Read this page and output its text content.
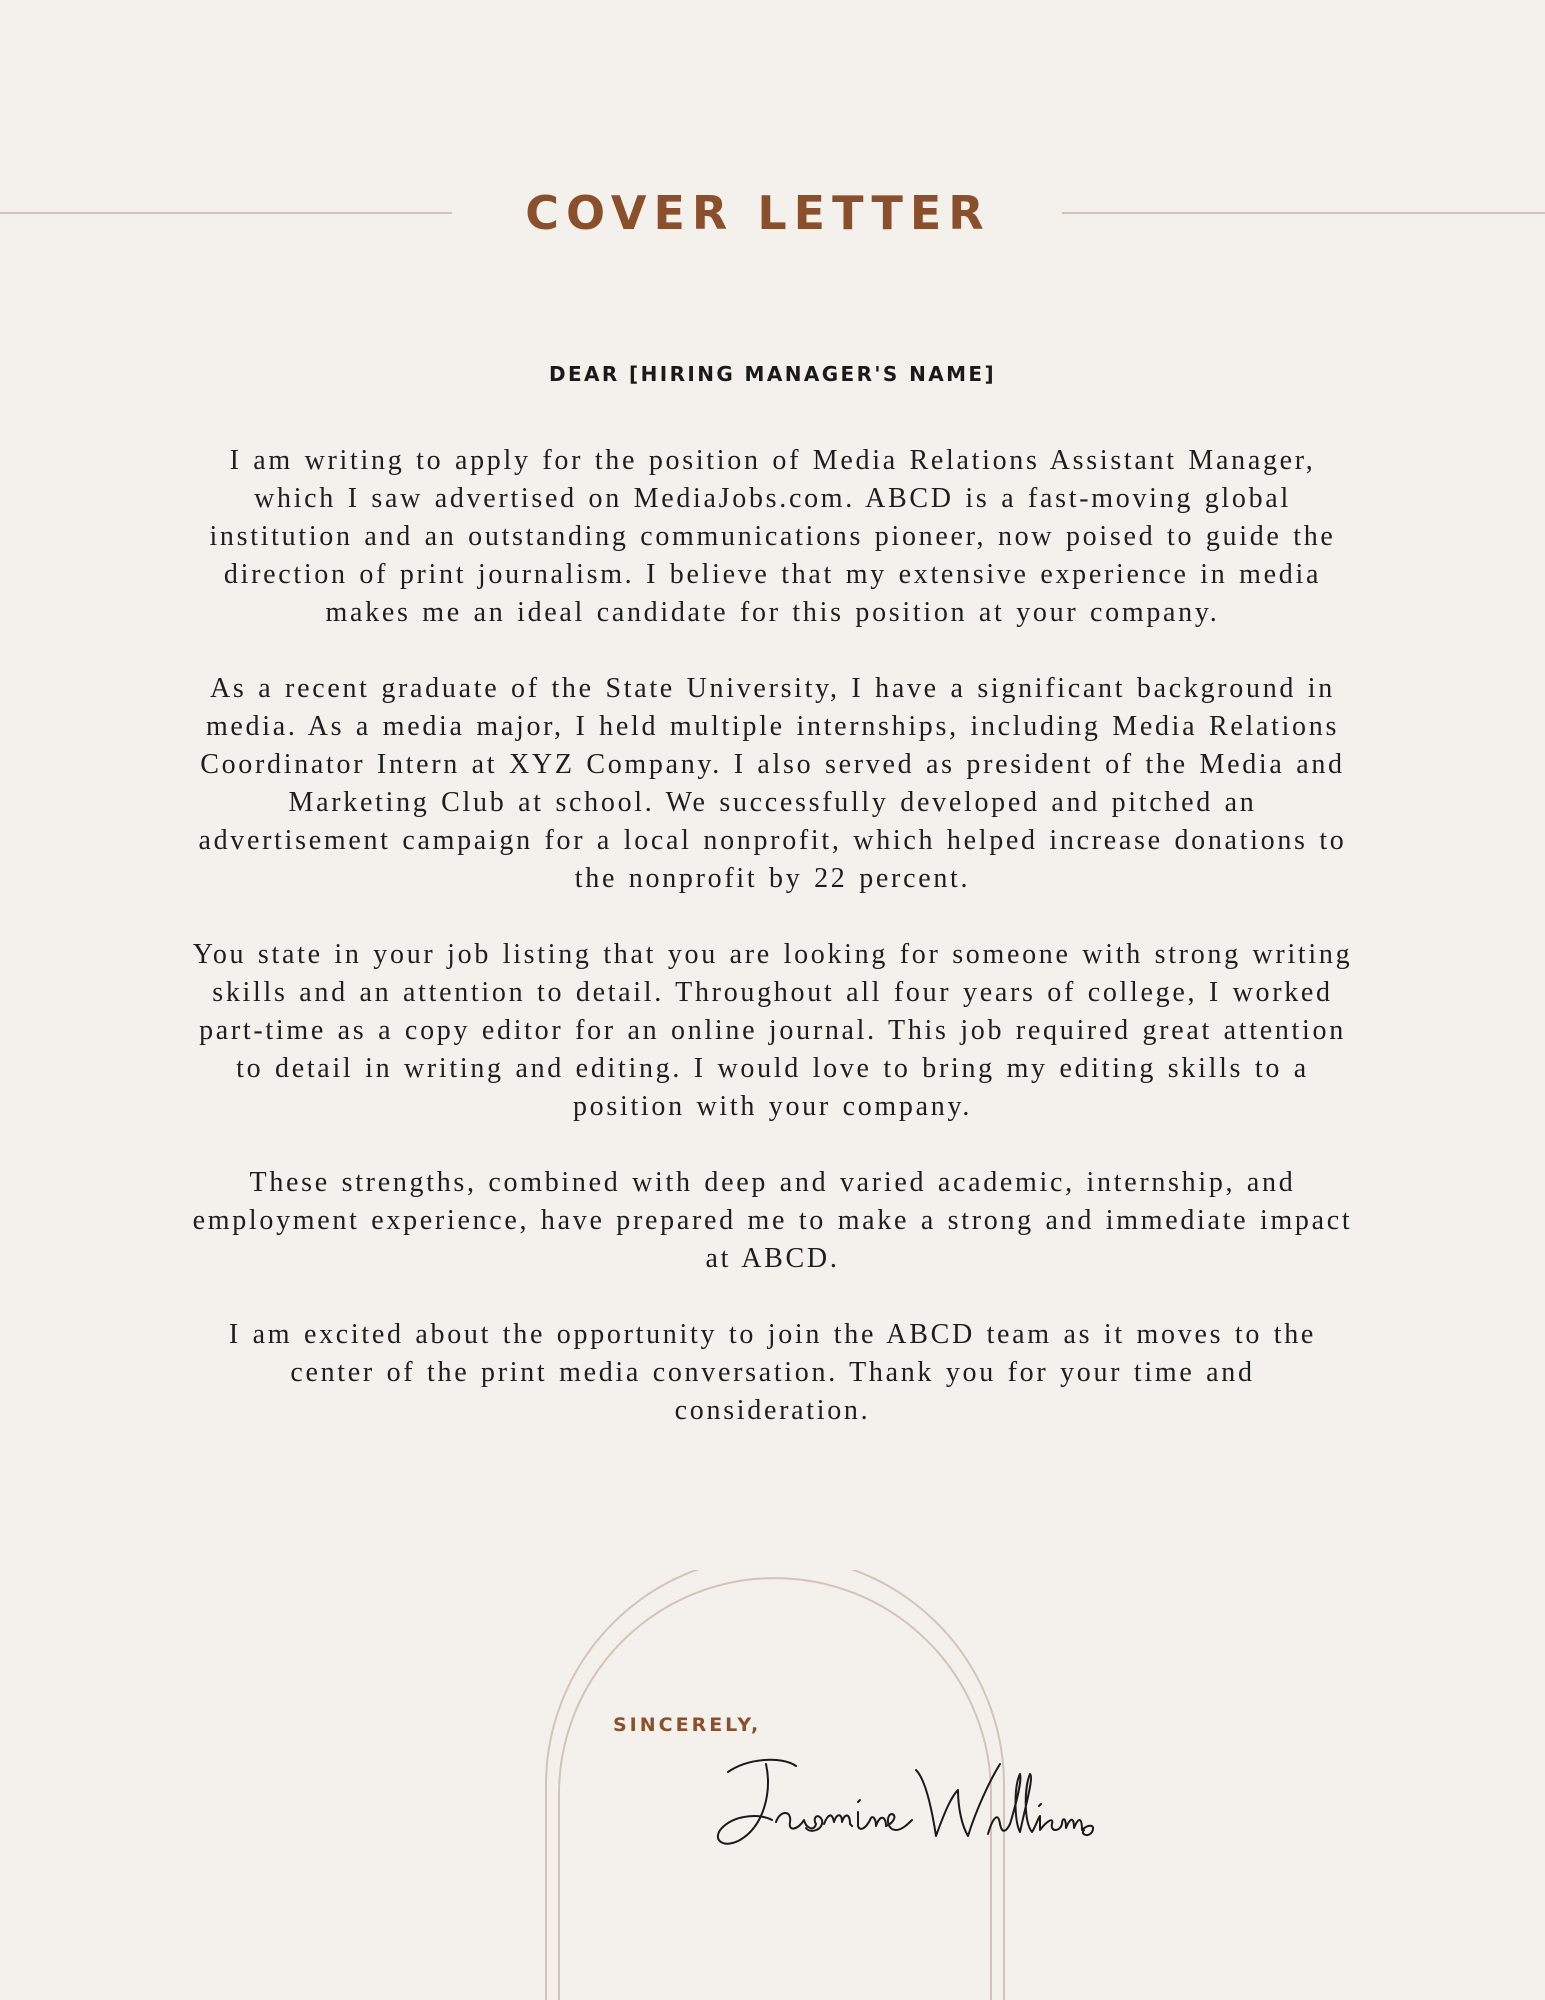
COVER LETTER
DEAR [HIRING MANAGER'S NAME]

I am writing to apply for the position of Media Relations Assistant Manager, which I saw advertised on MediaJobs.com. ABCD is a fast-moving global institution and an outstanding communications pioneer, now poised to guide the direction of print journalism. I believe that my extensive experience in media makes me an ideal candidate for this position at your company.

As a recent graduate of the State University, I have a significant background in media. As a media major, I held multiple internships, including Media Relations Coordinator Intern at XYZ Company. I also served as president of the Media and Marketing Club at school. We successfully developed and pitched an advertisement campaign for a local nonprofit, which helped increase donations to the nonprofit by 22 percent.

You state in your job listing that you are looking for someone with strong writing skills and an attention to detail. Throughout all four years of college, I worked part-time as a copy editor for an online journal. This job required great attention to detail in writing and editing. I would love to bring my editing skills to a position with your company.

These strengths, combined with deep and varied academic, internship, and employment experience, have prepared me to make a strong and immediate impact at ABCD.

I am excited about the opportunity to join the ABCD team as it moves to the center of the print media conversation. Thank you for your time and consideration.

SINCERELY,
